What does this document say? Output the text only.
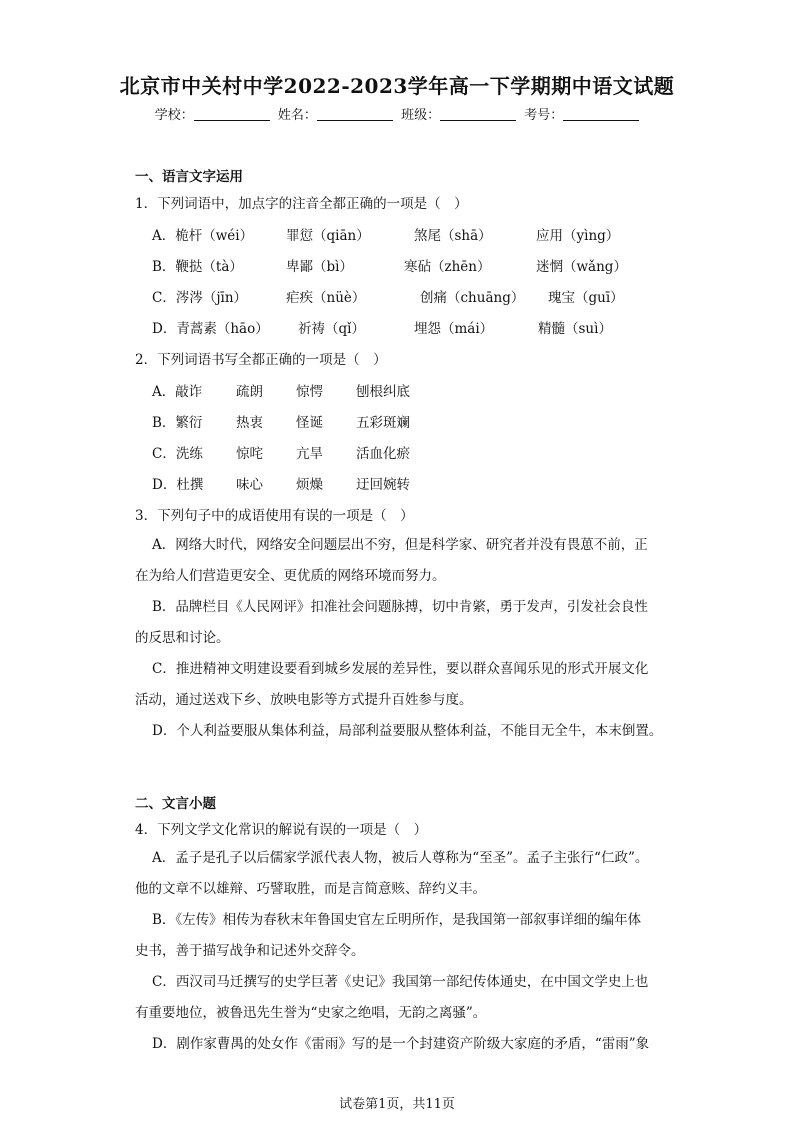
北京市中关村中学2022-2023学年高一下学期期中语文试题
学校：	姓名：	班级：	考号：
一、语言文字运用
1．下列词语中，加点字的注音全都正确的一项是（　）
A．桅杆（wéi） 罪愆（qiān）	煞尾（shā）	应用（yìng）
B．鞭挞（tà）	卑鄙（bì）	寒砧（zhēn）	迷惘（wǎng）
C．涔涔（jīn）	疟疾（nüè）	创痛（chuāng） 瑰宝（guī）
D．青蒿素（hāo） 祈祷（qǐ）	埋怨（mái）	精髓（suì）
2．下列词语书写全都正确的一项是（　）
A．敲诈	疏朗 惊愕 刨根纠底
B．繁衍 热衷 怪诞 五彩斑斓
C．洗练 惊咤 亢旱 活血化瘀
D．杜撰 味心 烦燥 迂回婉转
3．下列句子中的成语使用有误的一项是（　）
A．网络大时代，网络安全问题层出不穷，但是科学家、研究者并没有畏葸不前，正
在为给人们营造更安全、更优质的网络环境而努力。
B．品牌栏目《人民网评》扣准社会问题脉搏，切中肯綮，勇于发声，引发社会良性
的反思和讨论。
C．推进精神文明建设要看到城乡发展的差异性，要以群众喜闻乐见的形式开展文化
活动，通过送戏下乡、放映电影等方式提升百姓参与度。
D．个人利益要服从集体利益，局部利益要服从整体利益，不能目无全牛，本末倒置。
二、文言小题
4．下列文学文化常识的解说有误的一项是（　）
A．孟子是孔子以后儒家学派代表人物，被后人尊称为“至圣”。孟子主张行“仁政”。
他的文章不以雄辩、巧譬取胜，而是言简意赅、辞约义丰。
B．《左传》相传为春秋末年鲁国史官左丘明所作，是我国第一部叙事详细的编年体
史书，善于描写战争和记述外交辞令。
C．西汉司马迁撰写的史学巨著《史记》我国第一部纪传体通史，在中国文学史上也
有重要地位，被鲁迅先生誉为“史家之绝唱，无韵之离骚”。
D．剧作家曹禺的处女作《雷雨》写的是一个封建资产阶级大家庭的矛盾，“雷雨”象
试卷第1页，共11页
